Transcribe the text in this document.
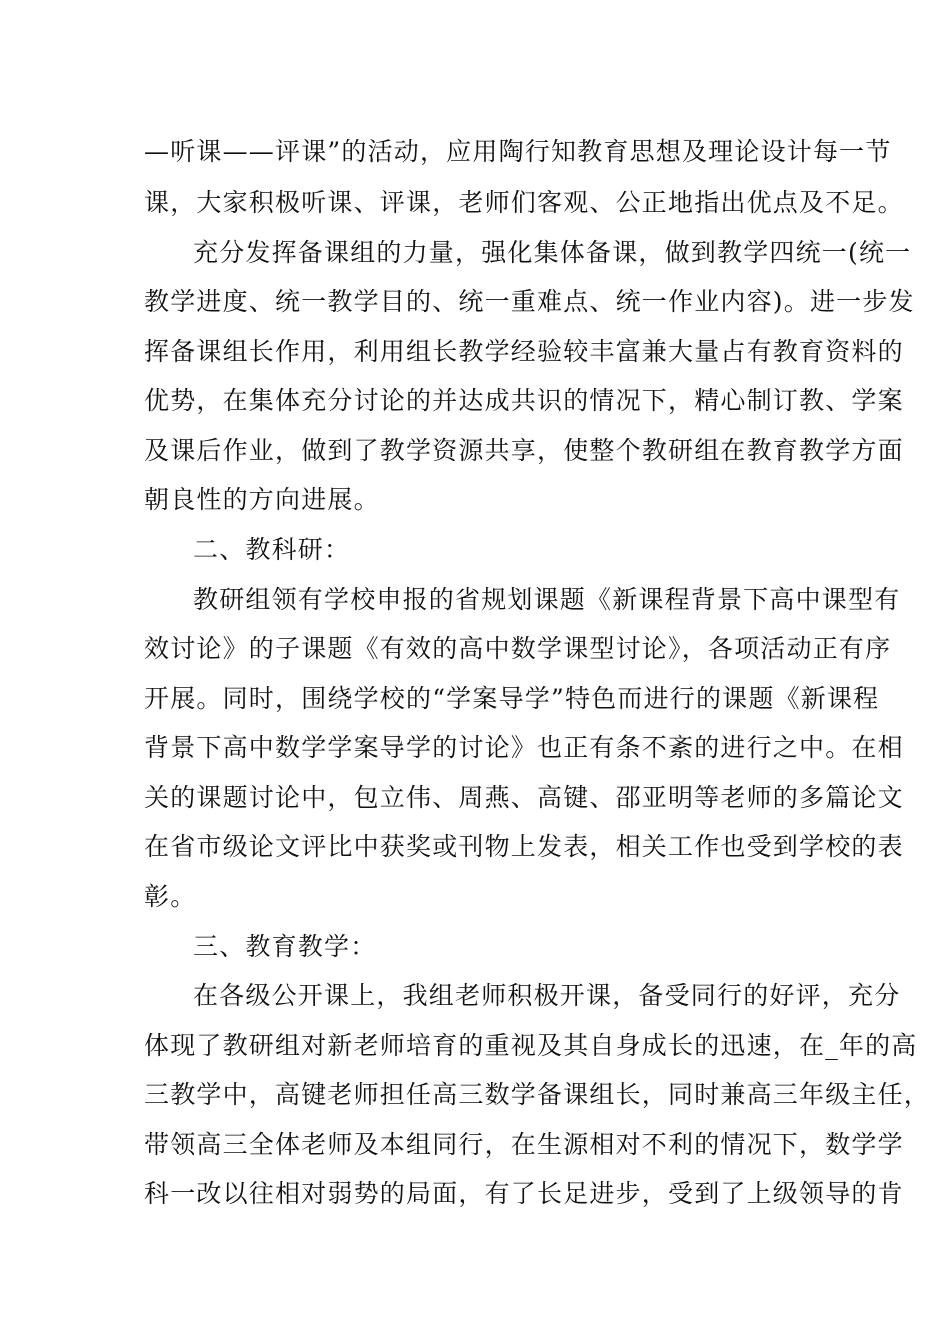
—听课——评课”的活动，应用陶行知教育思想及理论设计每一节
课，大家积极听课、评课，老师们客观、公正地指出优点及不足。
充分发挥备课组的力量，强化集体备课，做到教学四统一(统一
教学进度、统一教学目的、统一重难点、统一作业内容)。进一步发
挥备课组长作用，利用组长教学经验较丰富兼大量占有教育资料的
优势，在集体充分讨论的并达成共识的情况下，精心制订教、学案
及课后作业，做到了教学资源共享，使整个教研组在教育教学方面
朝良性的方向进展。
二、教科研：
教研组领有学校申报的省规划课题《新课程背景下高中课型有
效讨论》的子课题《有效的高中数学课型讨论》，各项活动正有序
开展。同时，围绕学校的“学案导学”特色而进行的课题《新课程
背景下高中数学学案导学的讨论》也正有条不紊的进行之中。在相
关的课题讨论中，包立伟、周燕、高键、邵亚明等老师的多篇论文
在省市级论文评比中获奖或刊物上发表，相关工作也受到学校的表
彰。
三、教育教学：
在各级公开课上，我组老师积极开课，备受同行的好评，充分
体现了教研组对新老师培育的重视及其自身成长的迅速，在_年的高
三教学中，高键老师担任高三数学备课组长，同时兼高三年级主任，
带领高三全体老师及本组同行，在生源相对不利的情况下，数学学
科一改以往相对弱势的局面，有了长足进步，受到了上级领导的肯
